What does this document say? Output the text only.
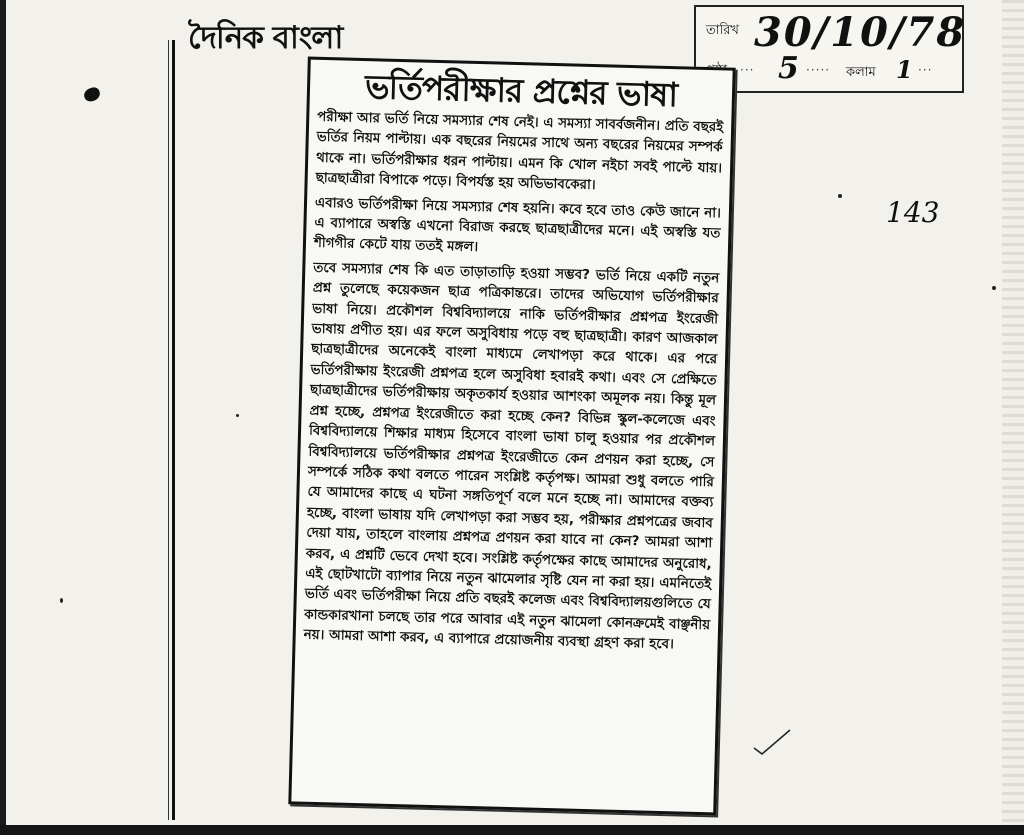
দৈনিক বাংলা	তারিখ 30/10/78
··· 5 ····· কলাম 1 ···
143
ভর্তিপরীক্ষার প্রশ্নের ভাষা

পরীক্ষা আর ভর্তি নিয়ে সমস্যার শেষ নেই। এ সমস্যা সাবর্বজনীন। প্রতি বছরই ভর্তির নিয়ম পাল্টায়। এক বছরের নিয়মের সাথে অন্য বছরের নিয়মের সম্পর্ক থাকে না। ভর্তিপরীক্ষার ধরন পাল্টায়। এমন কি খোল নইচা সবই পাল্টে যায়। ছাত্রছাত্রীরা বিপাকে পড়ে। বিপর্যস্ত হয় অভিভাবকেরা।

এবারও ভর্তিপরীক্ষা নিয়ে সমস্যার শেষ হয়নি। কবে হবে তাও কেউ জানে না। এ ব্যাপারে অস্বস্তি এখনো বিরাজ করছে ছাত্রছাত্রীদের মনে। এই অস্বস্তি যত শীগগীর কেটে যায় ততই মঙ্গল।

তবে সমস্যার শেষ কি এত তাড়াতাড়ি হওয়া সম্ভব? ভর্তি নিয়ে একটি নতুন প্রশ্ন তুলেছে কয়েকজন ছাত্র পত্রিকান্তরে। তাদের অভিযোগ ভর্তিপরীক্ষার ভাষা নিয়ে। প্রকৌশল বিশ্ববিদ্যালয়ে নাকি ভর্তিপরীক্ষার প্রশ্নপত্র ইংরেজী ভাষায় প্রণীত হয়। এর ফলে অসুবিধায় পড়ে বহু ছাত্রছাত্রী। কারণ আজকাল ছাত্রছাত্রীদের অনেকেই বাংলা মাধ্যমে লেখাপড়া করে থাকে। এর পরে ভর্তিপরীক্ষায় ইংরেজী প্রশ্নপত্র হলে অসুবিধা হবারই কথা। এবং সে প্রেক্ষিতে ছাত্রছাত্রীদের ভর্তিপরীক্ষায় অকৃতকার্য হওয়ার আশংকা অমূলক নয়। কিন্তু মূল প্রশ্ন হচ্ছে, প্রশ্নপত্র ইংরেজীতে করা হচ্ছে কেন? বিভিন্ন স্কুল-কলেজে এবং বিশ্ববিদ্যালয়ে শিক্ষার মাধ্যম হিসেবে বাংলা ভাষা চালু হওয়ার পর প্রকৌশল বিশ্ববিদ্যালয়ে ভর্তিপরীক্ষার প্রশ্নপত্র ইংরেজীতে কেন প্রণয়ন করা হচ্ছে, সে সম্পর্কে সঠিক কথা বলতে পারেন সংশ্লিষ্ট কর্তৃপক্ষ। আমরা শুধু বলতে পারি যে আমাদের কাছে এ ঘটনা সঙ্গতিপূর্ণ বলে মনে হচ্ছে না। আমাদের বক্তব্য হচ্ছে, বাংলা ভাষায় যদি লেখাপড়া করা সম্ভব হয়, পরীক্ষার প্রশ্নপত্রের জবাব দেয়া যায়, তাহলে বাংলায় প্রশ্নপত্র প্রণয়ন করা যাবে না কেন? আমরা আশা করব, এ প্রশ্নটি ভেবে দেখা হবে। সংশ্লিষ্ট কর্তৃপক্ষের কাছে আমাদের অনুরোধ, এই ছোটখাটো ব্যাপার নিয়ে নতুন ঝামেলার সৃষ্টি যেন না করা হয়। এমনিতেই ভর্তি এবং ভর্তিপরীক্ষা নিয়ে প্রতি বছরই কলেজ এবং বিশ্ববিদ্যালয়গুলিতে যে কান্ডকারখানা চলছে তার পরে আবার এই নতুন ঝামেলা কোনক্রমেই বাঞ্ছনীয় নয়। আমরা আশা করব, এ ব্যাপারে প্রয়োজনীয় ব্যবস্থা গ্রহণ করা হবে।
